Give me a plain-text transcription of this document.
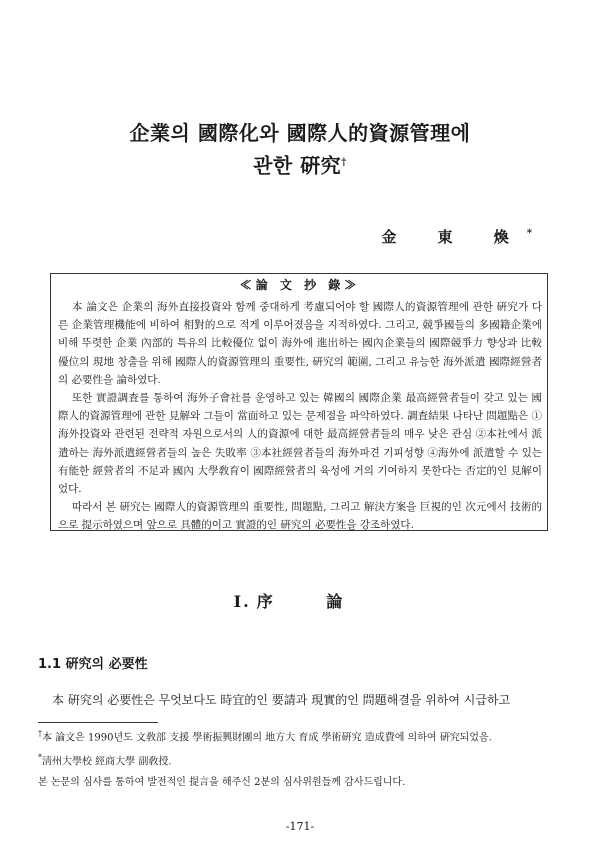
企業의 國際化와 國際人的資源管理에
관한 硏究†
金 東 煥*
≪論 文 抄 錄≫

本 論文은 企業의 海外直接投資와 함께 중대하게 考慮되어야 할 國際人的資源管理에 관한 硏究가 다른 企業管理機能에 비하여 相對的으로 적게 이루어졌음을 지적하였다. 그리고, 競爭國들의 多國籍企業에 비해 뚜렷한 企業 內部的 특유의 比較優位 없이 海外에 進出하는 國內企業들의 國際競爭力 향상과 比較優位의 現地 창출을 위해 國際人的資源管理의 重要性, 硏究의 範圍, 그리고 유능한 海外派遣 國際經營者의 必要性을 論하였다.

또한 實證調査를 통하여 海外子會社를 운영하고 있는 韓國의 國際企業 最高經營者들이 갖고 있는 國際人的資源管理에 관한 見解와 그들이 當面하고 있는 문제점을 파악하였다. 調査結果 나타난 問題點은 ①海外投資와 관련된 전략적 자원으로서의 人的資源에 대한 最高經營者들의 매우 낮은 관심 ②本社에서 派遣하는 海外派遣經營者들의 높은 失敗率 ③本社經營者들의 海外파견 기피성향 ④海外에 派遣할 수 있는 有能한 經營者의 不足과 國內 大學敎育이 國際經營者의 육성에 거의 기여하지 못한다는 否定的인 見解이었다.

따라서 본 硏究는 國際人的資源管理의 重要性, 問題點, 그리고 解決方案을 巨視的인 次元에서 技術的으로 提示하였으며 앞으로 具體的이고 實證的인 硏究의 必要性을 강조하였다.

Ⅰ. 序 論
1.1 硏究의 必要性
本 硏究의 必要性은 무엇보다도 時宜的인 要請과 現實的인 問題해결을 위하여 시급하고

†本 論文은 1990년도 文敎部 支援 學術振興財團의 地方大 育成 學術硏究 造成費에 의하여 硏究되었음.

*淸州大學校 經商大學 副敎授.

본 논문의 심사를 통하여 발전적인 提言을 해주신 2분의 심사위원들께 감사드립니다.

-171-
